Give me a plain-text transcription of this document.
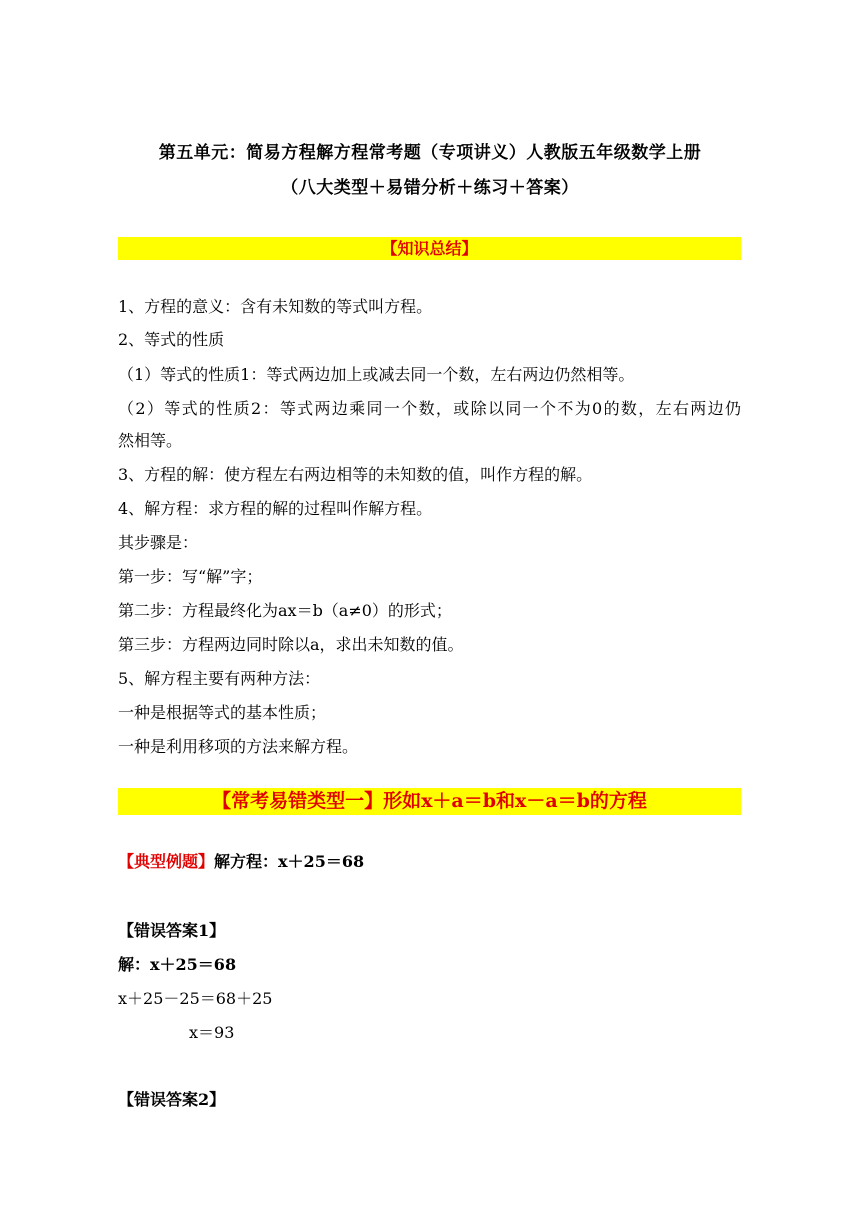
第五单元：简易方程解方程常考题（专项讲义）人教版五年级数学上册
（八大类型＋易错分析＋练习＋答案）
【知识总结】
1、方程的意义：含有未知数的等式叫方程。
2、等式的性质
（1）等式的性质1：等式两边加上或减去同一个数，左右两边仍然相等。
（2）等式的性质2：等式两边乘同一个数，或除以同一个不为0的数，左右两边仍
然相等。
3、方程的解：使方程左右两边相等的未知数的值，叫作方程的解。
4、解方程：求方程的解的过程叫作解方程。
其步骤是：
第一步：写“解”字；
第二步：方程最终化为ax＝b（a≠0）的形式；
第三步：方程两边同时除以a，求出未知数的值。
5、解方程主要有两种方法：
一种是根据等式的基本性质；
一种是利用移项的方法来解方程。
【常考易错类型一】形如x＋a＝b和x－a＝b的方程
【典型例题】解方程：x＋25＝68
【错误答案1】
解：x＋25＝68
x＋25－25＝68＋25
x＝93
【错误答案2】
